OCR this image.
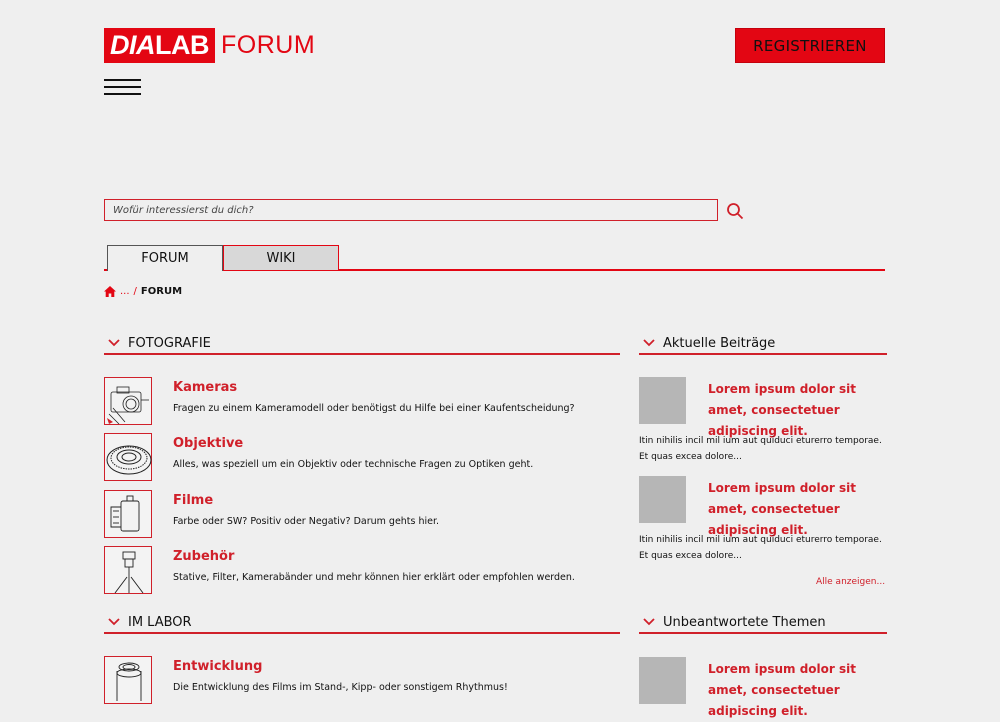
DIA LAB FORUM	REGISTRIEREN
Wofür interessierst du dich?
FORUM	WIKI
... / FORUM
FOTOGRAFIE
Kameras
Fragen zu einem Kameramodell oder benötigst du Hilfe bei einer Kaufentscheidung?
Objektive
Alles, was speziell um ein Objektiv oder technische Fragen zu Optiken geht.
Filme
Farbe oder SW? Positiv oder Negativ? Darum gehts hier.
Zubehör
Stative, Filter, Kamerabänder und mehr können hier erklärt oder empfohlen werden.
IM LABOR
Entwicklung
Die Entwicklung des Films im Stand-, Kipp- oder sonstigem Rhythmus!
Aktuelle Beiträge
Lorem ipsum dolor sit amet, consectetuer adipiscing elit.
Itin nihilis incil mil ium aut quiduci eturerro temporae. Et quas excea dolore...
Lorem ipsum dolor sit amet, consectetuer adipiscing elit.
Itin nihilis incil mil ium aut quiduci eturerro temporae. Et quas excea dolore...
Alle anzeigen...
Unbeantwortete Themen
Lorem ipsum dolor sit amet, consectetuer adipiscing elit.
